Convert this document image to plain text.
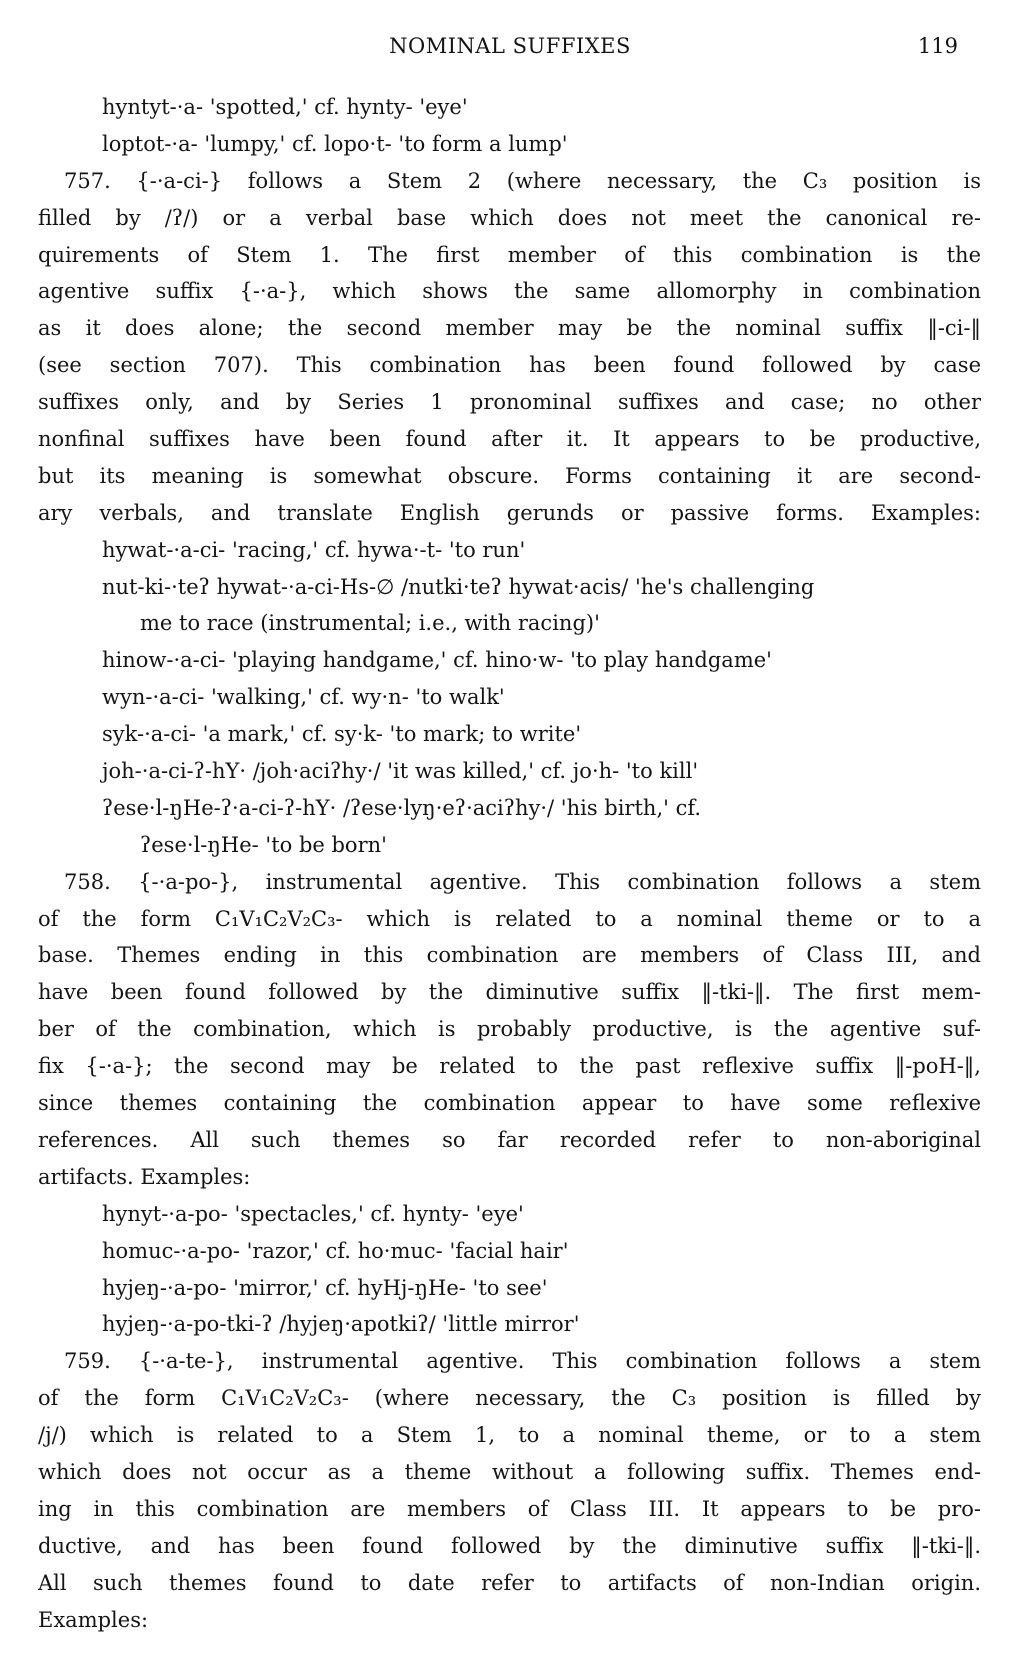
NOMINAL SUFFIXES	119
hyntyt-·a- 'spotted,' cf. hynty- 'eye'
loptot-·a- 'lumpy,' cf. lopo·t- 'to form a lump'
757. {-·a-ci-} follows a Stem 2 (where necessary, the C₃ position is
filled by /ʔ/) or a verbal base which does not meet the canonical re-
quirements of Stem 1. The first member of this combination is the
agentive suffix {-·a-}, which shows the same allomorphy in combination
as it does alone; the second member may be the nominal suffix ‖-ci-‖
(see section 707). This combination has been found followed by case
suffixes only, and by Series 1 pronominal suffixes and case; no other
nonfinal suffixes have been found after it. It appears to be productive,
but its meaning is somewhat obscure. Forms containing it are second-
ary verbals, and translate English gerunds or passive forms. Examples:
hywat-·a-ci- 'racing,' cf. hywa·-t- 'to run'
nut-ki-·teʔ hywat-·a-ci-Hs-∅ /nutki·teʔ hywat·acis/ 'he's challenging
me to race (instrumental; i.e., with racing)'
hinow-·a-ci- 'playing handgame,' cf. hino·w- 'to play handgame'
wyn-·a-ci- 'walking,' cf. wy·n- 'to walk'
syk-·a-ci- 'a mark,' cf. sy·k- 'to mark; to write'
joh-·a-ci-ʔ-hY· /joh·aciʔhy·/ 'it was killed,' cf. jo·h- 'to kill'
ʔese·l-ŋHe-ʔ·a-ci-ʔ-hY· /ʔese·lyŋ·eʔ·aciʔhy·/ 'his birth,' cf.
ʔese·l-ŋHe- 'to be born'
758. {-·a-po-}, instrumental agentive. This combination follows a stem
of the form C₁V₁C₂V₂C₃- which is related to a nominal theme or to a
base. Themes ending in this combination are members of Class III, and
have been found followed by the diminutive suffix ‖-tki-‖. The first mem-
ber of the combination, which is probably productive, is the agentive suf-
fix {-·a-}; the second may be related to the past reflexive suffix ‖-poH-‖,
since themes containing the combination appear to have some reflexive
references. All such themes so far recorded refer to non-aboriginal
artifacts. Examples:
hynyt-·a-po- 'spectacles,' cf. hynty- 'eye'
homuc-·a-po- 'razor,' cf. ho·muc- 'facial hair'
hyjeŋ-·a-po- 'mirror,' cf. hyHj-ŋHe- 'to see'
hyjeŋ-·a-po-tki-ʔ /hyjeŋ·apotkiʔ/ 'little mirror'
759. {-·a-te-}, instrumental agentive. This combination follows a stem
of the form C₁V₁C₂V₂C₃- (where necessary, the C₃ position is filled by
/j/) which is related to a Stem 1, to a nominal theme, or to a stem
which does not occur as a theme without a following suffix. Themes end-
ing in this combination are members of Class III. It appears to be pro-
ductive, and has been found followed by the diminutive suffix ‖-tki-‖.
All such themes found to date refer to artifacts of non-Indian origin.
Examples:
